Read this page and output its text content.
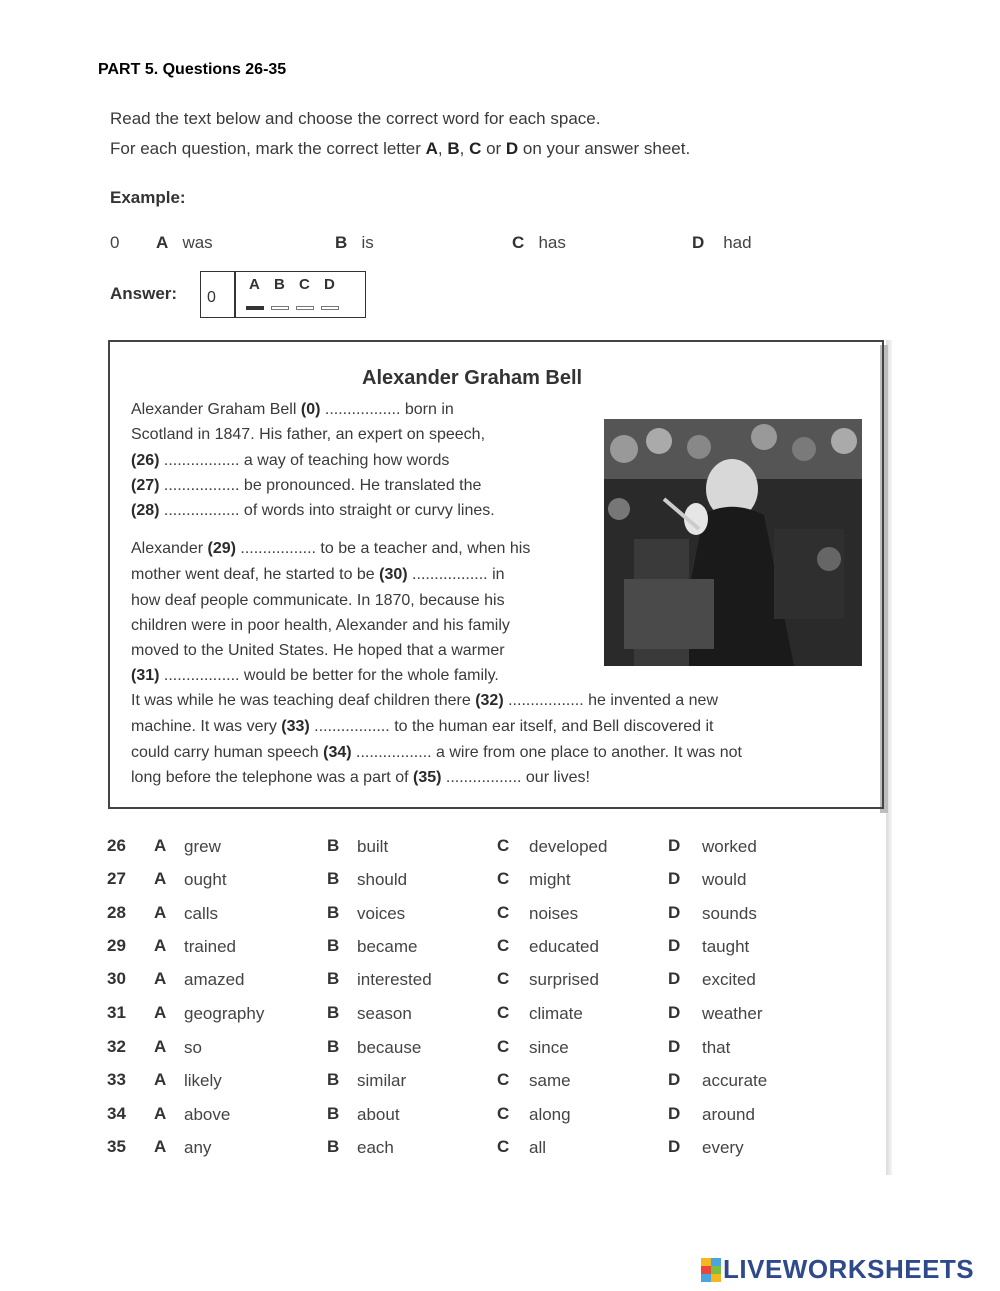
PART 5. Questions 26-35
Read the text below and choose the correct word for each space.
For each question, mark the correct letter A, B, C or D on your answer sheet.
Example:
0 A was	B is	C has	D had
Answer: 0
A B C D
Alexander Graham Bell
Alexander Graham Bell (0) ................. born in
Scotland in 1847. His father, an expert on speech,
(26) ................. a way of teaching how words
(27) ................. be pronounced. He translated the
(28) ................. of words into straight or curvy lines.
Alexander (29) ................. to be a teacher and, when his
mother went deaf, he started to be (30) ................. in
how deaf people communicate. In 1870, because his
children were in poor health, Alexander and his family
moved to the United States. He hoped that a warmer
(31) ................. would be better for the whole family.
It was while he was teaching deaf children there (32) ................. he invented a new
machine. It was very (33) ................. to the human ear itself, and Bell discovered it
could carry human speech (34) ................. a wire from one place to another. It was not
long before the telephone was a part of (35) ................. our lives!
26 A grew	B built	C developed	D worked
27 A ought	B should	C might	D would
28 A calls	B voices	C noises	D sounds
29 A trained	B became	C educated	D taught
30 A amazed	B interested	C surprised	D excited
31 A geography	B season	C climate	D weather
32 A so	B because	C since	D that
33 A likely	B similar	C same	D accurate
34 A above	B about	C along	D around
35 A any	B each	C all	D every
LIVEWORKSHEETS
